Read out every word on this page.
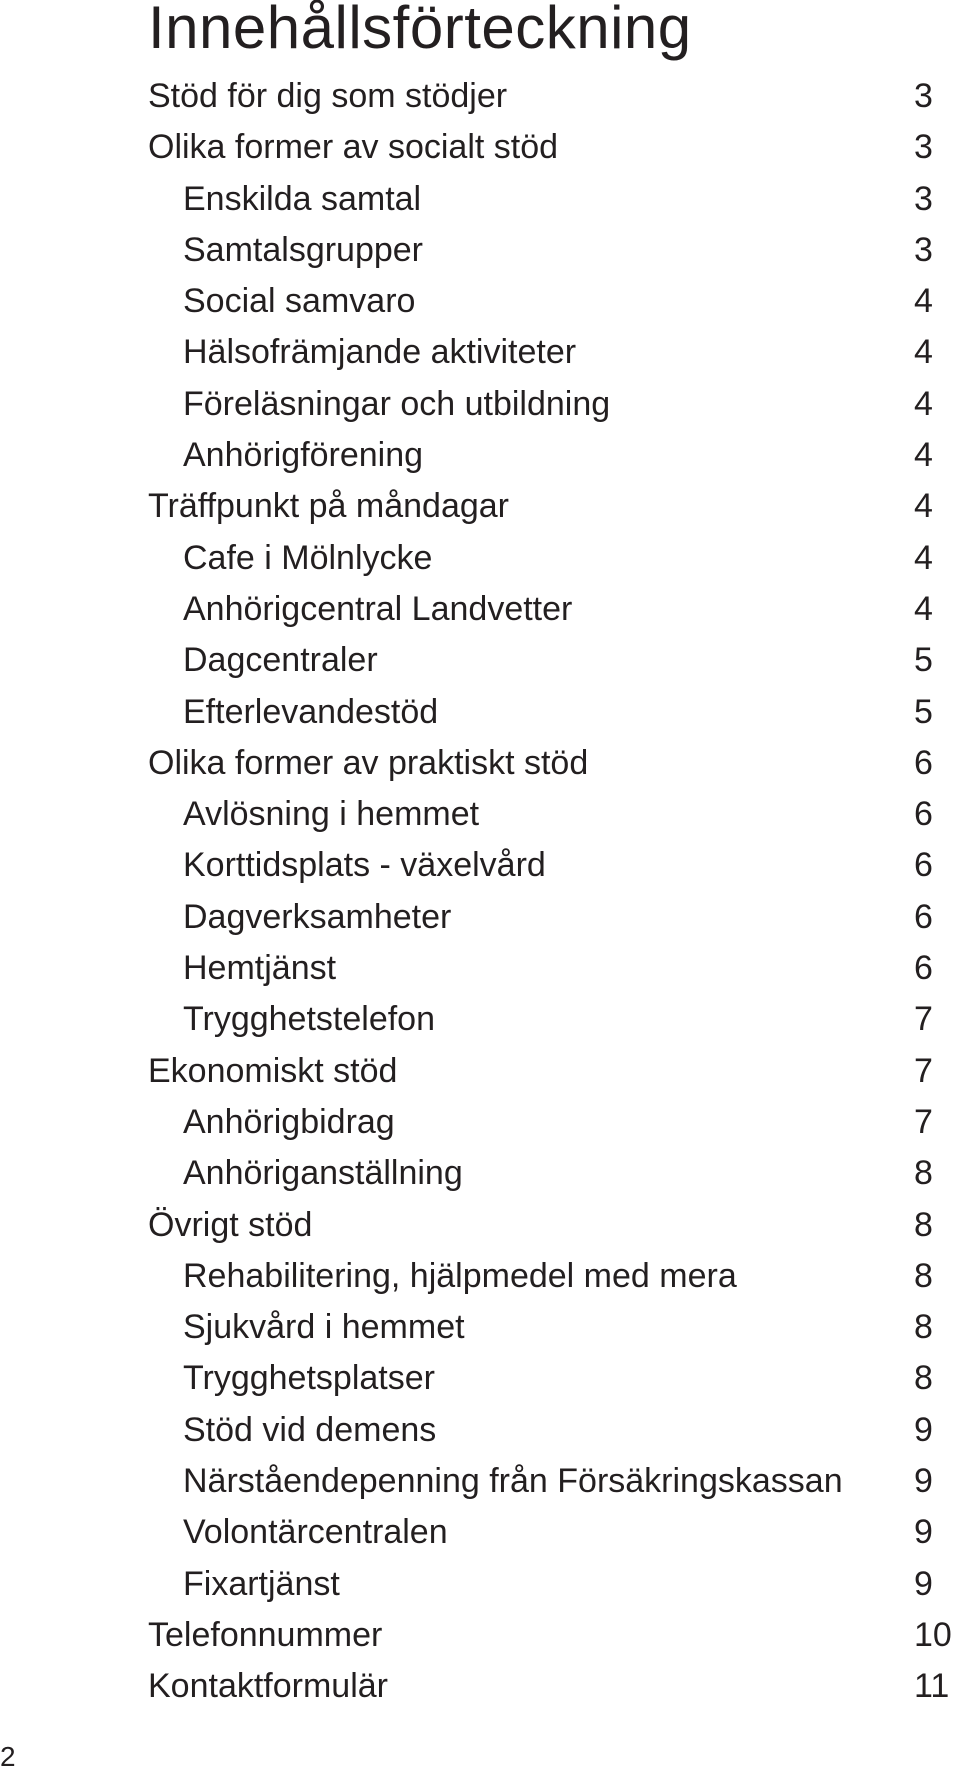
Innehållsförteckning
Stöd för dig som stödjer	3
Olika former av socialt stöd	3
Enskilda samtal	3
Samtalsgrupper	3
Social samvaro	4
Hälsofrämjande aktiviteter	4
Föreläsningar och utbildning	4
Anhörigförening	4
Träffpunkt på måndagar	4
Cafe i Mölnlycke	4
Anhörigcentral Landvetter	4
Dagcentraler	5
Efterlevandestöd	5
Olika former av praktiskt stöd	6
Avlösning i hemmet	6
Korttidsplats - växelvård	6
Dagverksamheter	6
Hemtjänst	6
Trygghetstelefon	7
Ekonomiskt stöd	7
Anhörigbidrag	7
Anhöriganställning	8
Övrigt stöd	8
Rehabilitering, hjälpmedel med mera	8
Sjukvård i hemmet	8
Trygghetsplatser	8
Stöd vid demens	9
Närståendepenning från Försäkringskassan 9
Volontärcentralen	9
Fixartjänst	9
Telefonnummer	10
Kontaktformulär	11
2
